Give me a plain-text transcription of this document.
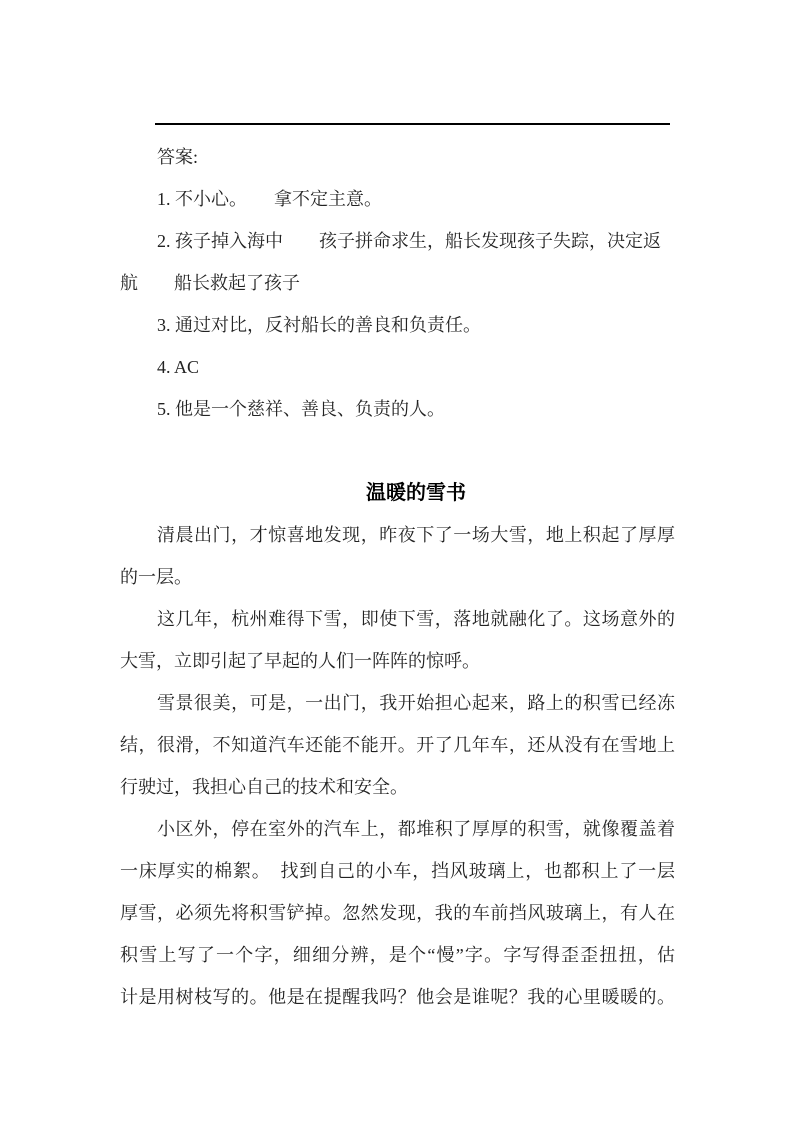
答案:
1. 不小心。　　拿不定主意。
2. 孩子掉入海中　　孩子拼命求生，船长发现孩子失踪，决定返
航　　船长救起了孩子
3. 通过对比，反衬船长的善良和负责任。
4. AC
5. 他是一个慈祥、善良、负责的人。
温暖的雪书
清晨出门，才惊喜地发现，昨夜下了一场大雪，地上积起了厚厚
的一层。
这几年，杭州难得下雪，即使下雪，落地就融化了。这场意外的
大雪，立即引起了早起的人们一阵阵的惊呼。
雪景很美，可是，一出门，我开始担心起来，路上的积雪已经冻
结，很滑，不知道汽车还能不能开。开了几年车，还从没有在雪地上
行驶过，我担心自己的技术和安全。
小区外，停在室外的汽车上，都堆积了厚厚的积雪，就像覆盖着
一床厚实的棉絮。　找到自己的小车，挡风玻璃上，也都积上了一层
厚雪，必须先将积雪铲掉。忽然发现，我的车前挡风玻璃上，有人在
积雪上写了一个字，细细分辨，是个“慢”字。字写得歪歪扭扭，估
计是用树枝写的。他是在提醒我吗？他会是谁呢？我的心里暖暖的。
